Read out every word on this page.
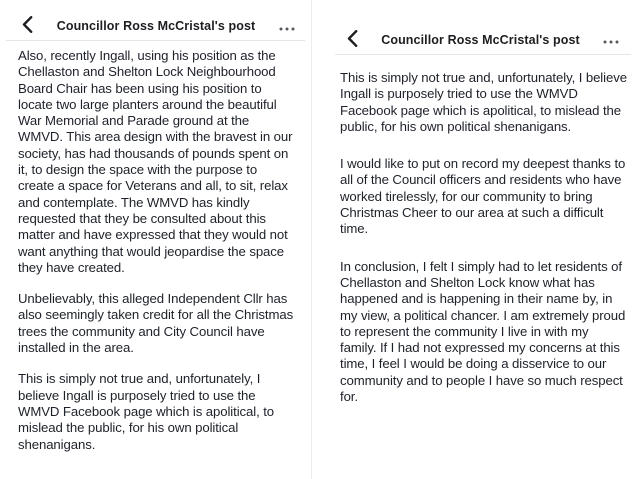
Councillor Ross McCristal's post

Also, recently Ingall, using his position as the Chellaston and Shelton Lock Neighbourhood Board Chair has been using his position to locate two large planters around the beautiful War Memorial and Parade ground at the WMVD. This area design with the bravest in our society, has had thousands of pounds spent on it, to design the space with the purpose to create a space for Veterans and all, to sit, relax and contemplate. The WMVD has kindly requested that they be consulted about this matter and have expressed that they would not want anything that would jeopardise the space they have created.

Unbelievably, this alleged Independent Cllr has also seemingly taken credit for all the Christmas trees the community and City Council have installed in the area.

This is simply not true and, unfortunately, I believe Ingall is purposely tried to use the WMVD Facebook page which is apolitical, to mislead the public, for his own political shenanigans.

Councillor Ross McCristal's post

This is simply not true and, unfortunately, I believe Ingall is purposely tried to use the WMVD Facebook page which is apolitical, to mislead the public, for his own political shenanigans.

I would like to put on record my deepest thanks to all of the Council officers and residents who have worked tirelessly, for our community to bring Christmas Cheer to our area at such a difficult time.

In conclusion, I felt I simply had to let residents of Chellaston and Shelton Lock know what has happened and is happening in their name by, in my view, a political chancer. I am extremely proud to represent the community I live in with my family. If I had not expressed my concerns at this time, I feel I would be doing a disservice to our community and to people I have so much respect for.
